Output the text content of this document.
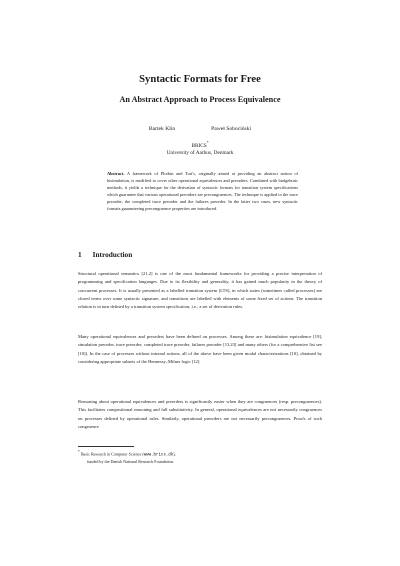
Syntactic Formats for Free
An Abstract Approach to Process Equivalence
Bartek Klin	Paweł Sobociński
BRICS*
University of Aarhus, Denmark
Abstract. A framework of Plotkin and Turi's, originally aimed at providing an abstract notion of bisimulation, is modified to cover other operational equivalences and preorders. Combined with bialgebraic methods, it yields a technique for the derivation of syntactic formats for transition system specifications which guarantee that various operational preorders are precongruences. The technique is applied to the trace preorder, the completed trace preorder and the failures preorder. In the latter two cases, new syntactic formats guaranteeing precongruence properties are introduced.
1 Introduction
Structural operational semantics [21,2] is one of the most fundamental frameworks for providing a precise interpretation of programming and specification languages. Due to its flexibility and generality, it has gained much popularity in the theory of concurrent processes. It is usually presented as a labelled transition system (LTS), in which states (sometimes called processes) are closed terms over some syntactic signature, and transitions are labelled with elements of some fixed set of actions. The transition relation is in turn defined by a transition system specification, i.e., a set of derivation rules.
Many operational equivalences and preorders have been defined on processes. Among these are: bisimulation equivalence [19], simulation preorder, trace preorder, completed trace preorder, failures preorder [13,23] and many others (for a comprehensive list see [10]). In the case of processes without internal actions, all of the above have been given modal characterizations [10], obtained by considering appropriate subsets of the Hennessy–Milner logic [12].
Reasoning about operational equivalences and preorders is significantly easier when they are congruences (resp. precongruences). This facilitates compositional reasoning and full substitutivity. In general, operational equivalences are not necessarily congruences on processes defined by operational rules. Similarly, operational preorders are not necessarily precongruences. Proofs of such congruence
* Basic Research in Computer Science (www.brics.dk),
funded by the Danish National Research Foundation.
